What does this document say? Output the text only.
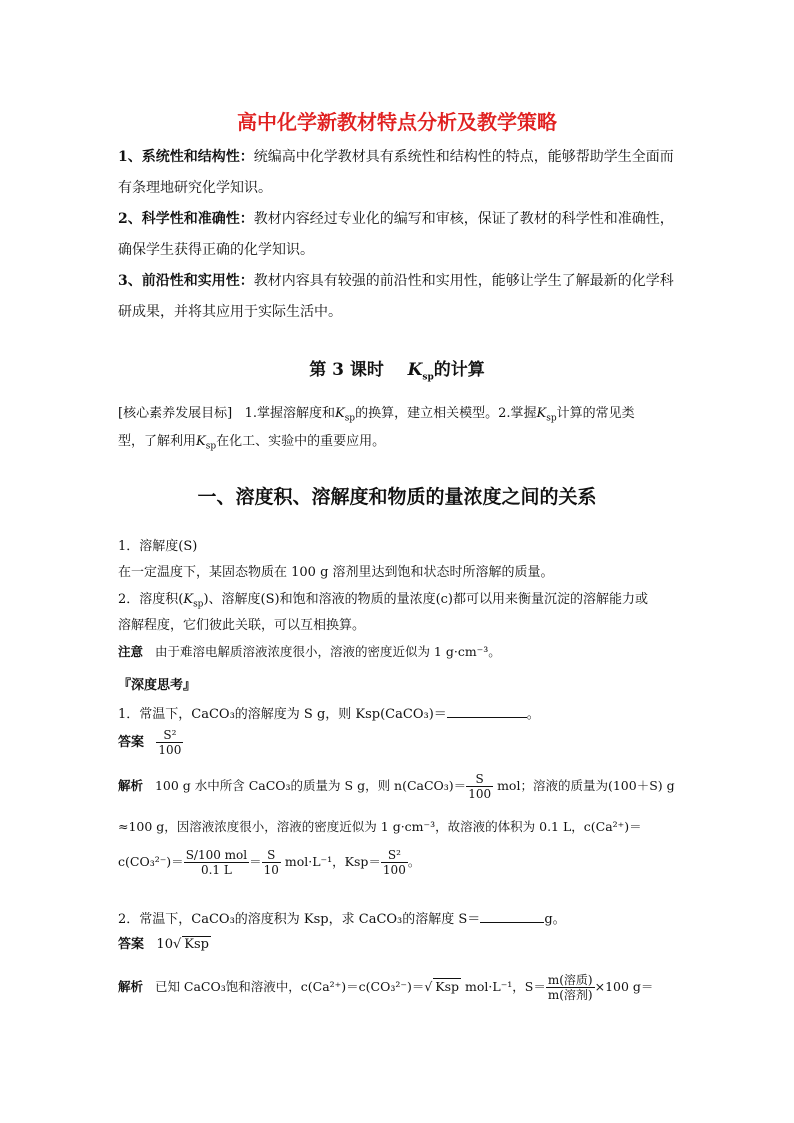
高中化学新教材特点分析及教学策略
1、系统性和结构性：统编高中化学教材具有系统性和结构性的特点，能够帮助学生全面而
有条理地研究化学知识。
2、科学性和准确性：教材内容经过专业化的编写和审核，保证了教材的科学性和准确性，
确保学生获得正确的化学知识。
3、前沿性和实用性：教材内容具有较强的前沿性和实用性，能够让学生了解最新的化学科
研成果，并将其应用于实际生活中。
第 3 课时 $K_{sp}$的计算
[核心素养发展目标] 1.掌握溶解度和$K_{sp}$的换算，建立相关模型。2.掌握$K_{sp}$计算的常见类
型，了解利用$K_{sp}$在化工、实验中的重要应用。
一、溶度积、溶解度和物质的量浓度之间的关系
1．溶解度(S)
在一定温度下，某固态物质在 100 g 溶剂里达到饱和状态时所溶解的质量。
2．溶度积$(K_{sp})$、溶解度(S)和饱和溶液的物质的量浓度(c)都可以用来衡量沉淀的溶解能力或
溶解程度，它们彼此关联，可以互相换算。
注意 由于难溶电解质溶液浓度很小，溶液的密度近似为 1 g·cm⁻³。
『深度思考』
1．常温下，CaCO₃的溶解度为 S g，则 Ksp(CaCO₃)＝	。
答案 $\frac{\text{S²}}{100}$
解析 100 g 水中所含 CaCO₃的质量为 S g，则 n(CaCO₃)＝ $\frac{S}{100}$ mol；溶液的质量为(100＋S) g
≈100 g，因溶液浓度很小，溶液的密度近似为 1 g·cm⁻³，故溶液的体积为 0.1 L，c(Ca²⁺)＝
$c(CO_3^{2-})= \frac{\text{S/100 mol}}{0.1 L} = \frac{S}{10} mol\cdot L^{-1}$，$Ksp= \frac{\text{S²}}{100}$ 。
2．常温下，CaCO₃的溶度积为 Ksp，求 CaCO₃的溶解度 S＝	g。
答案 10√ Ksp
解析 已知 CaCO₃饱和溶液中，c(Ca²⁺)＝c(CO₃²⁻)＝√ Ksp mol·L⁻¹，$S= \frac{\text{m(溶质)}}{\text{m(溶剂)}} \times 100$ g＝
